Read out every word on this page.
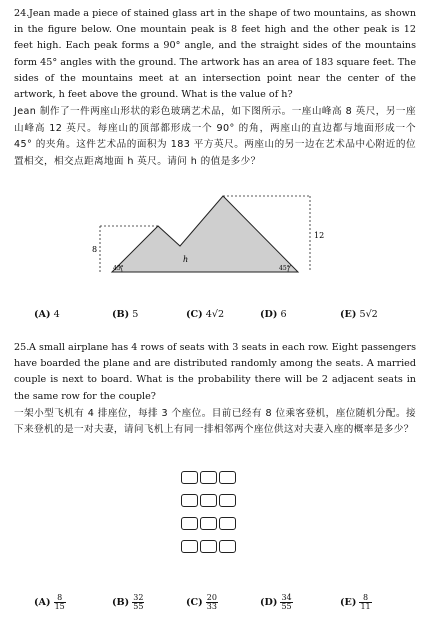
24.Jean made a piece of stained glass art in the shape of two mountains, as shown in the figure below. One mountain peak is 8 feet high and the other peak is 12 feet high. Each peak forms a 90° angle, and the straight sides of the mountains form 45° angles with the ground. The artwork has an area of 183 square feet. The sides of the mountains meet at an intersection point near the center of the artwork, h feet above the ground. What is the value of h?

Jean 制作了一件两座山形状的彩色玻璃艺术品，如下图所示。一座山峰高 8 英尺，另一座山峰高 12 英尺。每座山的顶部都形成一个 90° 的角，两座山的直边都与地面形成一个 45° 的夹角。这件艺术品的面积为 183 平方英尺。两座山的另一边在艺术品中心附近的位置相交，相交点距离地面 h 英尺。请问 h 的值是多少？

8
12
h
45°	45°
(A) 4	(B) 5	(C) 4√2	(D) 6	(E) 5√2

25.A small airplane has 4 rows of seats with 3 seats in each row. Eight passengers have boarded the plane and are distributed randomly among the seats. A married couple is next to board. What is the probability there will be 2 adjacent seats in the same row for the couple?

一架小型飞机有 4 排座位，每排 3 个座位。目前已经有 8 位乘客登机，座位随机分配。接下来登机的是一对夫妻，请问飞机上有同一排相邻两个座位供这对夫妻入座的概率是多少？

$(A) \frac{8}{15}$	$(B) \frac{32}{55}$	$(C) \frac{20}{33}$	$(D) \frac{34}{55}$	$(E) \frac{8}{11}$
